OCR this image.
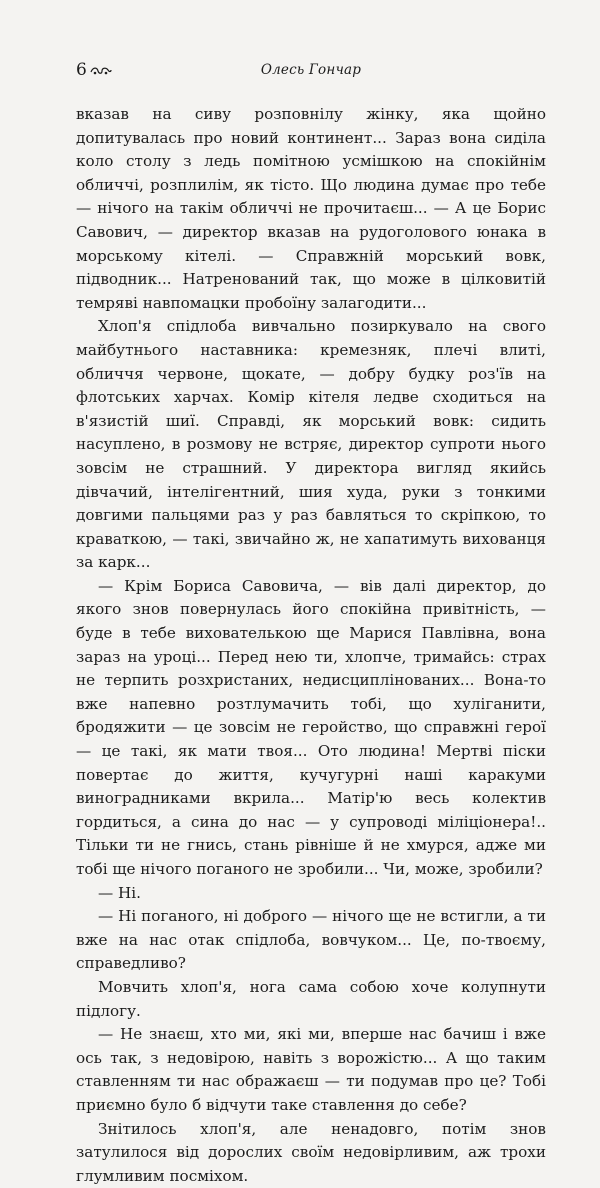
6	Олесь Гончар

вказав на сиву розповнілу жінку, яка щойно допитувалась про новий континент... Зараз вона сиділа коло столу з ледь помітною усмішкою на спокійнім обличчі, розплилім, як тісто. Що людина думає про тебе — нічого на такім обличчі не прочитаєш... — А це Борис Савович, — директор вказав на рудоголового юнака в морському кітелі. — Справжній морський вовк, підводник... Натренований так, що може в цілковитій темряві навпомацки пробоїну залагодити...

Хлоп'я спідлоба вивчально позиркувало на свого майбутнього наставника: кремезняк, плечі влиті, обличчя червоне, щокате, — добру будку роз'їв на флотських харчах. Комір кітеля ледве сходиться на в'язистій шиї. Справді, як морський вовк: сидить насуплено, в розмову не встряє, директор супроти нього зовсім не страшний. У директора вигляд якийсь дівчачий, інтелігентний, шия худа, руки з тонкими довгими пальцями раз у раз бавляться то скріпкою, то краваткою, — такі, звичайно ж, не хапатимуть вихованця за карк...

— Крім Бориса Савовича, — вів далі директор, до якого знов повернулась його спокійна привітність, — буде в тебе вихователькою ще Марися Павлівна, вона зараз на уроці... Перед нею ти, хлопче, тримайсь: страх не терпить розхристаних, недисциплінованих... Вона-то вже напевно розтлумачить тобі, що хуліганити, бродяжити — це зовсім не геройство, що справжні герої — це такі, як мати твоя... Ото людина! Мертві піски повертає до життя, кучугурні наші каракуми виноградниками вкрила... Матір'ю весь колектив гордиться, а сина до нас — у супроводі міліціонера!.. Тільки ти не гнись, стань рівніше й не хмурся, адже ми тобі ще нічого поганого не зробили... Чи, може, зробили?

— Ні.

— Ні поганого, ні доброго — нічого ще не встигли, а ти вже на нас отак спідлоба, вовчуком... Це, по-твоєму, справедливо?

Мовчить хлоп'я, нога сама собою хоче колупнути підлогу.

— Не знаєш, хто ми, які ми, вперше нас бачиш і вже ось так, з недовірою, навіть з ворожістю... А що таким ставленням ти нас ображаєш — ти подумав про це? Тобі приємно було б відчути таке ставлення до себе?

Знітилось хлоп'я, але ненадовго, потім знов затулилося від дорослих своїм недовірливим, аж трохи глумливим посміхом.
